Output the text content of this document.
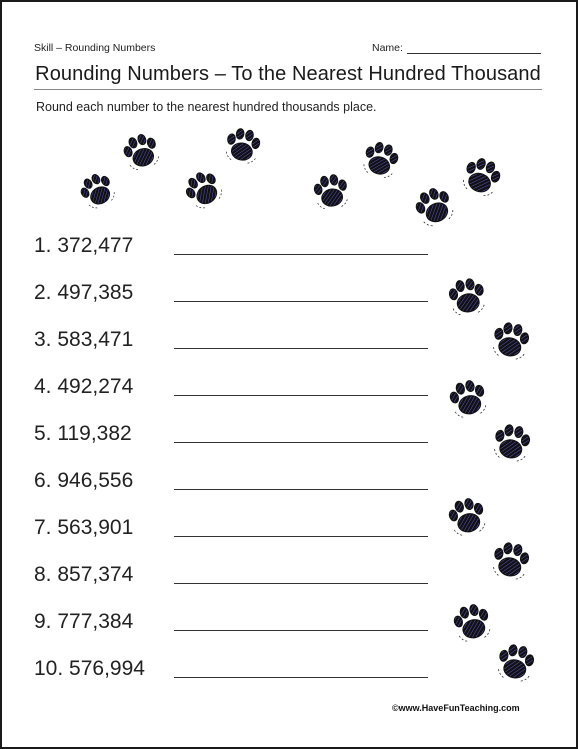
Skill – Rounding Numbers	Name:
Rounding Numbers – To the Nearest Hundred Thousand
Round each number to the nearest hundred thousands place.
1. 372,477
2. 497,385
3. 583,471
4. 492,274
5. 119,382
6. 946,556
7. 563,901
8. 857,374
9. 777,384
10. 576,994
©www.HaveFunTeaching.com
